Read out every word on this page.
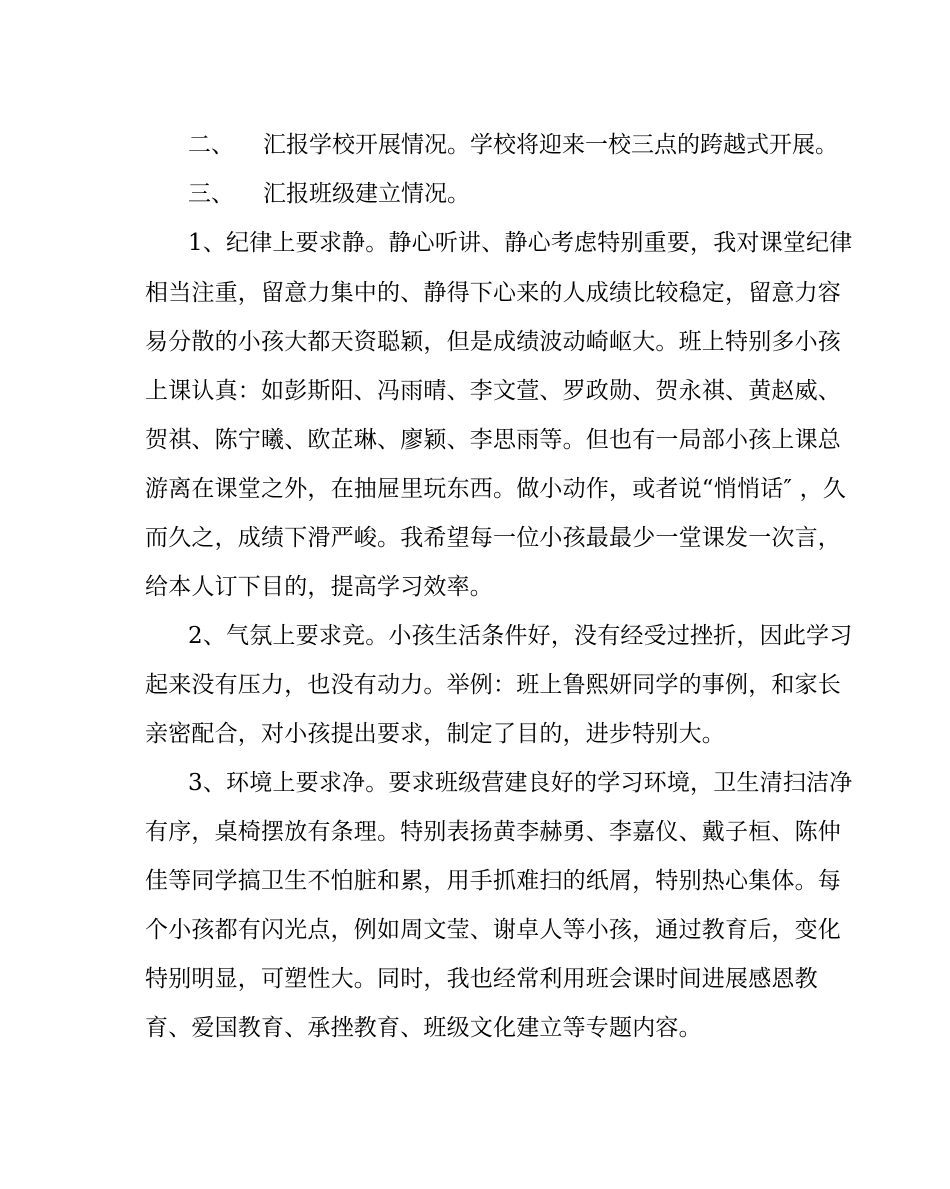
二、 汇报学校开展情况。学校将迎来一校三点的跨越式开展。
三、 汇报班级建立情况。
1、纪律上要求静。静心听讲、静心考虑特别重要，我对课堂纪律
相当注重，留意力集中的、静得下心来的人成绩比较稳定，留意力容
易分散的小孩大都天资聪颖，但是成绩波动崎岖大。班上特别多小孩
上课认真：如彭斯阳、冯雨晴、李文萱、罗政勋、贺永祺、黄赵威、
贺祺、陈宁曦、欧芷琳、廖颖、李思雨等。但也有一局部小孩上课总
游离在课堂之外，在抽屉里玩东西。做小动作，或者说“悄悄话″ ，久
而久之，成绩下滑严峻。我希望每一位小孩最最少一堂课发一次言，
给本人订下目的，提高学习效率。
2、气氛上要求竞。小孩生活条件好，没有经受过挫折，因此学习
起来没有压力，也没有动力。举例：班上鲁熙妍同学的事例，和家长
亲密配合，对小孩提出要求，制定了目的，进步特别大。
3、环境上要求净。要求班级营建良好的学习环境，卫生清扫洁净
有序，桌椅摆放有条理。特别表扬黄李赫勇、李嘉仪、戴子桓、陈仲
佳等同学搞卫生不怕脏和累，用手抓难扫的纸屑，特别热心集体。每
个小孩都有闪光点，例如周文莹、谢卓人等小孩，通过教育后，变化
特别明显，可塑性大。同时，我也经常利用班会课时间进展感恩教
育、爱国教育、承挫教育、班级文化建立等专题内容。
